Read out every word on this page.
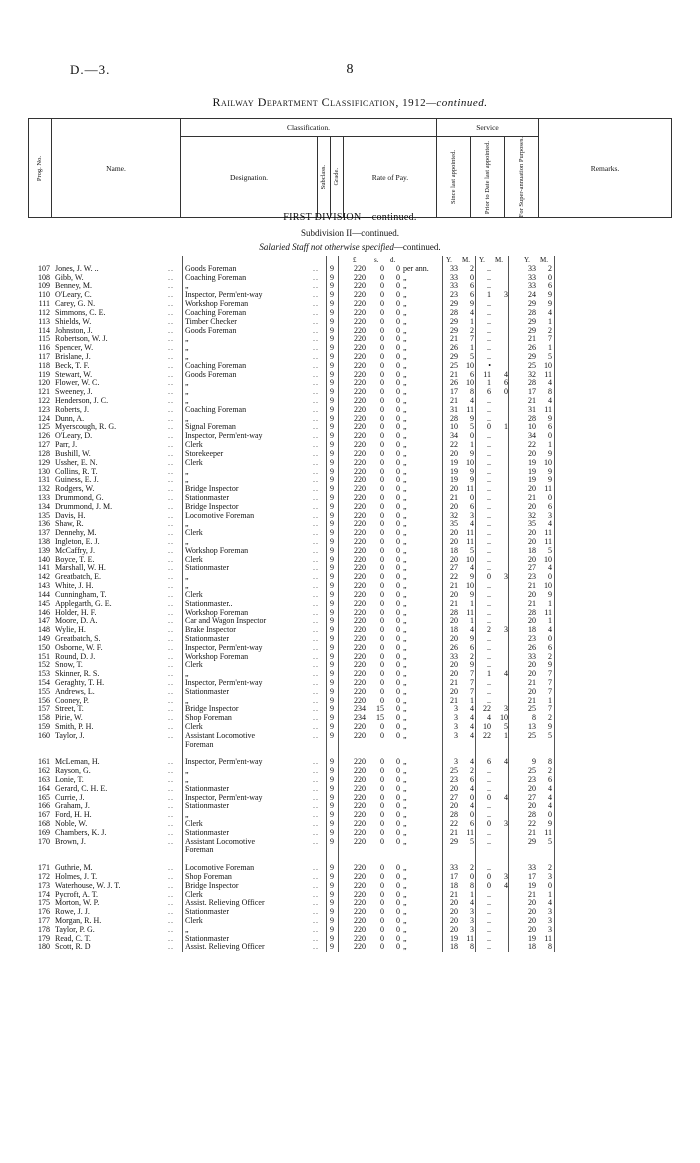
D.—3.	8
Railway Department Classification, 1912—continued.
Prog. No.	Name.	Classification.				Service			Remarks.
		Designation.	Subclass.	Grade.	Rate of Pay.	Since last appointed.	Prior to Date last appointed.	For Super-annuation Purposes.	
FIRST DIVISION—continued.
Subdivision II—continued.
Salaried Staff not otherwise specified—continued.
£	s. d.	Y. M. Y. M.	Y. M.
107 Jones, J. W. ..	Goods Foreman	9	220	0	0 per ann.	33	2	..	33	2
..	..
108 Gibb, W.	Coaching Foreman	9	220	0	0 „	33	0	..	33	0
..	..
109 Benney, M.	„	9	220	0	0 „	33	6	..	33	6
..	..
110 O'Leary, C.	Inspector, Perm'ent-way	9	220	0	0 „	23	6	1	3	24	9
..	..
111 Carey, G. N.	Workshop Foreman	9	220	0	0 „	29	9	..	29	9
..	..
112 Simmons, C. E.	Coaching Foreman	9	220	0	0 „	28	4	..	28	4
..	..
113 Shields, W.	Timber Checker	9	220	0	0 „	29	1	..	29	1
..	..
114 Johnston, J.	Goods Foreman	9	220	0	0 „	29	2	..	29	2
..	..
115 Robertson, W. J.	„	9	220	0	0 „	21	7	..	21	7
..	..
116 Spencer, W.	„	9	220	0	0 „	26	1	..	26	1
..	..
117 Brislane, J.	„	9	220	0	0 „	29	5	..	29	5
..	..
118 Beck, T. F.	Coaching Foreman	9	220	0	0 „	25	10	•	25	10
..	..
119 Stewart, W.	Goods Foreman	9	220	0	0 „	21	6	11	4	32	11
..	..
120 Flower, W. C.	„	9	220	0	0 „	26	10	1	6	28	4
..	..
121 Sweeney, J.	„	9	220	0	0 „	17	8	6	0	17	8
..	..
122 Henderson, J. C.	„	9	220	0	0 „	21	4	..	21	4
..	..
123 Roberts, J.	Coaching Foreman	9	220	0	0 „	31	11	..	31	11
..	..
124 Dunn, A.	„	9	220	0	0 „	28	9	..	28	9
..	..
125 Myerscough, R. G.	Signal Foreman	9	220	0	0 „	10	5	0	1	10	6
..	..
126 O'Leary, D.	Inspector, Perm'ent-way	9	220	0	0 „	34	0	..	34	0
..	..
127 Parr, J.	Clerk	9	220	0	0 „	22	1	..	22	1
..	..
128 Bushill, W.	Storekeeper	9	220	0	0 „	20	9	..	20	9
..	..
129 Ussher, E. N.	Clerk	9	220	0	0 „	19	10	..	19	10
..	..
130 Collins, R. T.	„	9	220	0	0 „	19	9	..	19	9
..	..
131 Guiness, E. J.	„	9	220	0	0 „	19	9	..	19	9
..	..
132 Rodgers, W.	Bridge Inspector	9	220	0	0 „	20	11	..	20	11
..	..
133 Drummond, G.	Stationmaster	9	220	0	0 „	21	0	..	21	0
..	..
134 Drummond, J. M.	Bridge Inspector	9	220	0	0 „	20	6	..	20	6
..	..
135 Davis, H.	Locomotive Foreman	9	220	0	0 „	32	3	..	32	3
..	..
136 Shaw, R.	„	9	220	0	0 „	35	4	..	35	4
..	..
137 Dennehy, M.	Clerk	9	220	0	0 „	20	11	..	20	11
..	..
138 Ingleton, E. J.	„	9	220	0	0 „	20	11	..	20	11
..	..
139 McCaffry, J.	Workshop Foreman	9	220	0	0 „	18	5	..	18	5
..	..
140 Boyce, T. E.	Clerk	9	220	0	0 „	20	10	..	20	10
..	..
141 Marshall, W. H.	Stationmaster	9	220	0	0 „	27	4	..	27	4
..	..
142 Greatbatch, E.	„	9	220	0	0 „	22	9	0	3	23	0
..	..
143 White, J. H.	„	9	220	0	0 „	21	10	..	21	10
..	..
144 Cunningham, T.	Clerk	9	220	0	0 „	20	9	..	20	9
..	..
145 Applegarth, G. E.	Stationmaster..	9	220	0	0 „	21	1	..	21	1
..	..
146 Holder, H. F.	Workshop Foreman	9	220	0	0 „	28	11	..	28	11
..	..
147 Moore, D. A.	Car and Wagon Inspector	9	220	0	0 „	20	1	..	20	1
..	..
148 Wylie, H.	Brake Inspector	9	220	0	0 „	18	4	2	3	18	4
..	..
149 Greatbatch, S.	Stationmaster	9	220	0	0 „	20	9	..	23	0
..	..
150 Osborne, W. F.	Inspector, Perm'ent-way	9	220	0	0 „	26	6	..	26	6
..	..
151 Round, D. J.	Workshop Foreman	9	220	0	0 „	33	2	..	33	2
..	..
152 Snow, T.	Clerk	9	220	0	0 „	20	9	..	20	9
..	..
153 Skinner, R. S.	„	9	220	0	0 „	20	7	1	4	20	7
..	..
154 Geraghty, T. H.	Inspector, Perm'ent-way	9	220	0	0 „	21	7	..	21	7
..	..
155 Andrews, L.	Stationmaster	9	220	0	0 „	20	7	..	20	7
..	..
156 Cooney, P.	„	9	220	0	0 „	21	1	..	21	1
..	..
157 Street, T.	Bridge Inspector	9	234	15	0 „	3	4	22	3	25	7
..	..
158 Pirie, W.	Shop Foreman	9	234	15	0 „	3	4	4	10	8	2
..	..
159 Smith, P. H.	Clerk	9	220	0	0 „	3	4	10	5	13	9
..	..
160 Taylor, J.	Assistant Locomotive	9	220	0	0 „	3	4	22	1	25	5
..	..
Foreman
161 McLeman, H.	Inspector, Perm'ent-way	9	220	0	0 „	3	4	6	4	9	8
..	..
162 Rayson, G.	„	9	220	0	0 „	25	2	..	25	2
..	..
163 Lonie, T.	„	9	220	0	0 „	23	6	..	23	6
..	..
164 Gerard, C. H. E.	Stationmaster	9	220	0	0 „	20	4	..	20	4
..	..
165 Currie, J.	Inspector, Perm'ent-way	9	220	0	0 „	27	0	0	4	27	4
..	..
166 Graham, J.	Stationmaster	9	220	0	0 „	20	4	..	20	4
..	..
167 Ford, H. H.	„	9	220	0	0 „	28	0	..	28	0
..	..
168 Noble, W.	Clerk	9	220	0	0 „	22	6	0	3	22	9
..	..
169 Chambers, K. J.	Stationmaster	9	220	0	0 „	21	11	..	21	11
..	..
170 Brown, J.	Assistant Locomotive	9	220	0	0 „	29	5	..	29	5
..	..
Foreman
171 Guthrie, M.	Locomotive Foreman	9	220	0	0 „	33	2	..	33	2
..	..
172 Holmes, J. T.	Shop Foreman	9	220	0	0 „	17	0	0	3	17	3
..	..
173 Waterhouse, W. J. T.	Bridge Inspector	9	220	0	0 „	18	8	0	4	19	0
..	..
174 Pycroft, A. T.	Clerk	9	220	0	0 „	21	1	..	21	1
..	..
175 Morton, W. P.	Assist. Relieving Officer	9	220	0	0 „	20	4	..	20	4
..	..
176 Rowe, J. J.	Stationmaster	9	220	0	0 „	20	3	..	20	3
..	..
177 Morgan, R. H.	Clerk	9	220	0	0 „	20	3	..	20	3
..	..
178 Taylor, P. G.	„	9	220	0	0 „	20	3	..	20	3
..	..
179 Read, C. T.	Stationmaster	9	220	0	0 „	19	11	..	19	11
..	..
180 Scott, R. D	Assist. Relieving Officer	9	220	0	0 „	18	8	..	18	8
..	..
